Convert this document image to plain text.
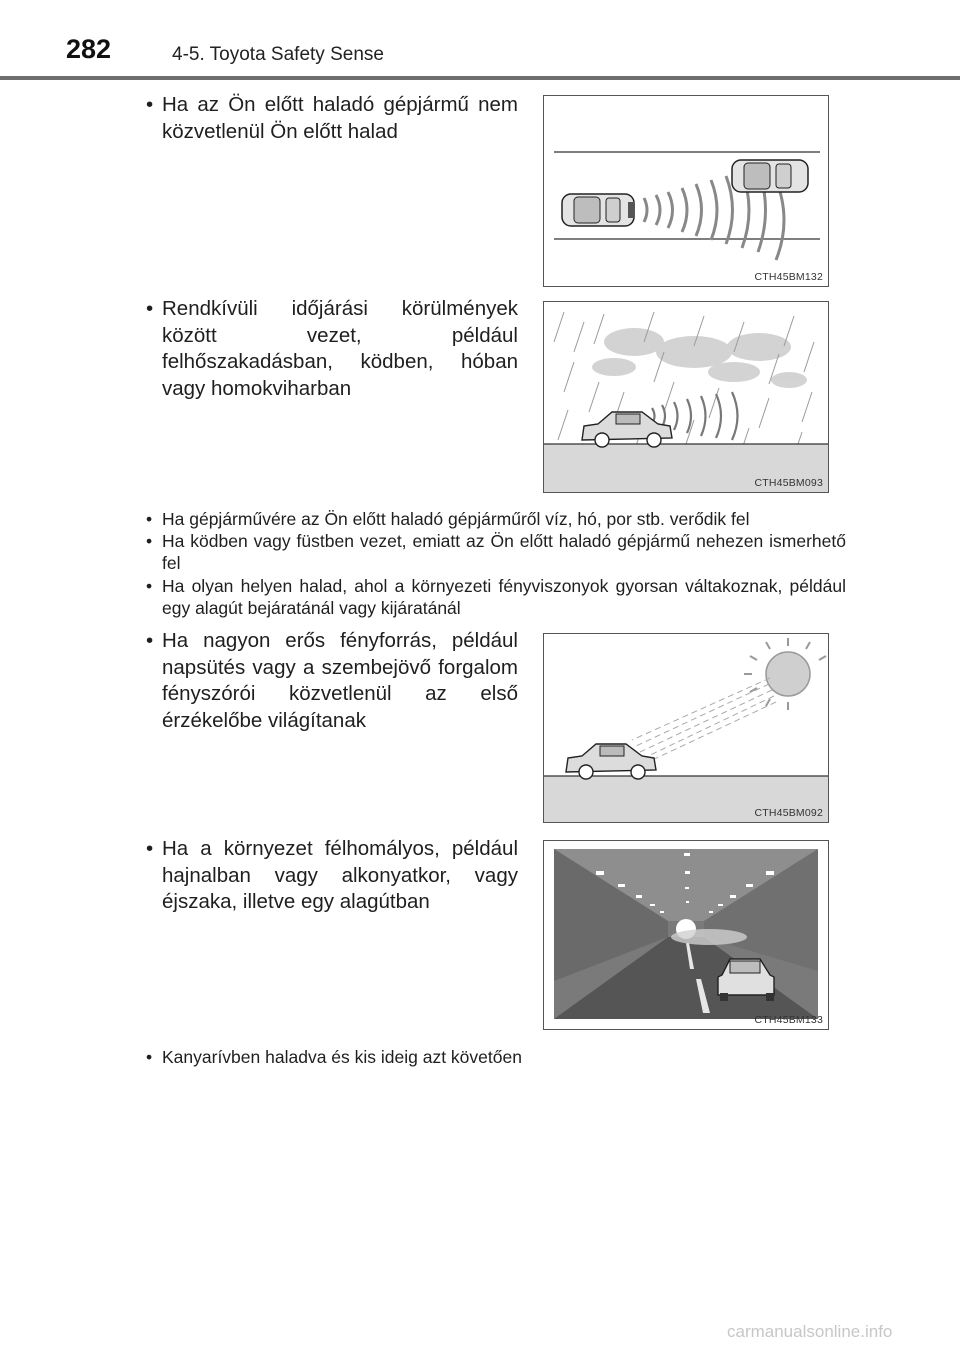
282	4-5. Toyota Safety Sense
• Ha az Ön előtt haladó gépjármű nem közvetlenül Ön előtt halad
CTH45BM132
• Rendkívüli időjárási körülmények között vezet, például felhőszakadásban, ködben, hóban vagy homokviharban
CTH45BM093
• Ha gépjárművére az Ön előtt haladó gépjárműről víz, hó, por stb. verődik fel
• Ha ködben vagy füstben vezet, emiatt az Ön előtt haladó gépjármű nehezen ismerhető fel
• Ha olyan helyen halad, ahol a környezeti fényviszonyok gyorsan váltakoznak, például egy alagút bejáratánál vagy kijáratánál
• Ha nagyon erős fényforrás, például napsütés vagy a szembejövő forgalom fényszórói közvetlenül az első érzékelőbe világítanak
CTH45BM092
• Ha a környezet félhomályos, például hajnalban vagy alkonyatkor, vagy éjszaka, illetve egy alagútban
CTH45BM133
• Kanyarívben haladva és kis ideig azt követően
carmanualsonline.info
